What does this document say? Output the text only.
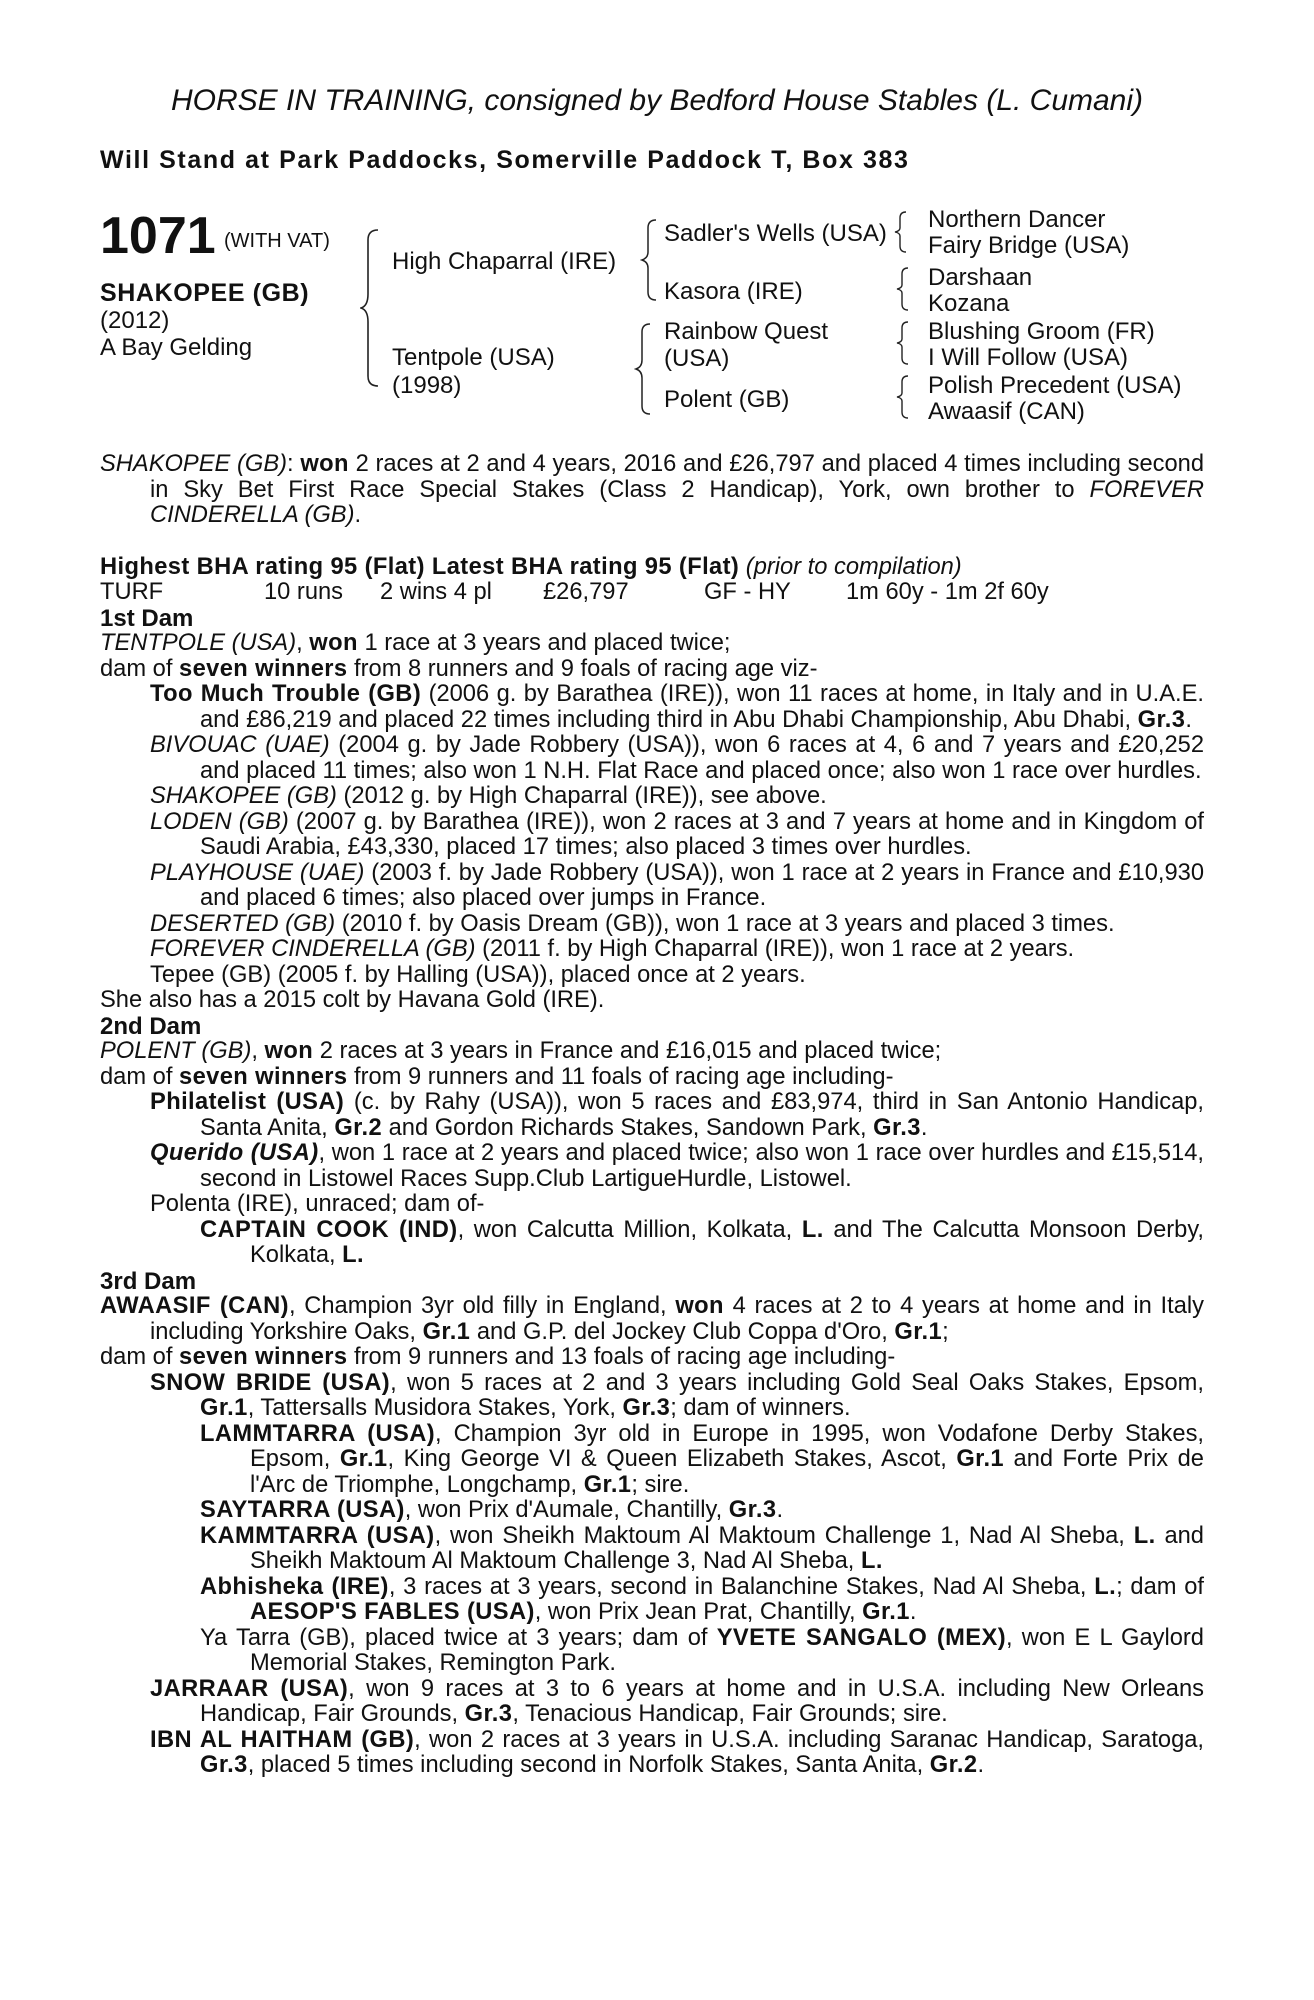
HORSE IN TRAINING, consigned by Bedford House Stables (L. Cumani)
Will Stand at Park Paddocks, Somerville Paddock T, Box 383
1071 (WITH VAT)
SHAKOPEE (GB)
(2012)
A Bay Gelding
High Chaparral (IRE)
Tentpole (USA)
(1998)
Sadler's Wells (USA)
Kasora (IRE)
Rainbow Quest
(USA)
Polent (GB)
Northern Dancer
Fairy Bridge (USA)
Darshaan
Kozana
Blushing Groom (FR)
I Will Follow (USA)
Polish Precedent (USA)
Awaasif (CAN)

SHAKOPEE (GB): won 2 races at 2 and 4 years, 2016 and £26,797 and placed 4 times including second in Sky Bet First Race Special Stakes (Class 2 Handicap), York, own brother to FOREVER CINDERELLA (GB).

Highest BHA rating 95 (Flat) Latest BHA rating 95 (Flat) (prior to compilation)

TURF	10 runs 2 wins 4 pl £26,797	GF - HY 1m 60y - 1m 2f 60y

1st Dam

TENTPOLE (USA), won 1 race at 3 years and placed twice;

dam of seven winners from 8 runners and 9 foals of racing age viz-

Too Much Trouble (GB) (2006 g. by Barathea (IRE)), won 11 races at home, in Italy and in U.A.E. and £86,219 and placed 22 times including third in Abu Dhabi Championship, Abu Dhabi, Gr.3.

BIVOUAC (UAE) (2004 g. by Jade Robbery (USA)), won 6 races at 4, 6 and 7 years and £20,252 and placed 11 times; also won 1 N.H. Flat Race and placed once; also won 1 race over hurdles.

SHAKOPEE (GB) (2012 g. by High Chaparral (IRE)), see above.

LODEN (GB) (2007 g. by Barathea (IRE)), won 2 races at 3 and 7 years at home and in Kingdom of Saudi Arabia, £43,330, placed 17 times; also placed 3 times over hurdles.

PLAYHOUSE (UAE) (2003 f. by Jade Robbery (USA)), won 1 race at 2 years in France and £10,930 and placed 6 times; also placed over jumps in France.

DESERTED (GB) (2010 f. by Oasis Dream (GB)), won 1 race at 3 years and placed 3 times.

FOREVER CINDERELLA (GB) (2011 f. by High Chaparral (IRE)), won 1 race at 2 years.

Tepee (GB) (2005 f. by Halling (USA)), placed once at 2 years.

She also has a 2015 colt by Havana Gold (IRE).

2nd Dam

POLENT (GB), won 2 races at 3 years in France and £16,015 and placed twice;

dam of seven winners from 9 runners and 11 foals of racing age including-

Philatelist (USA) (c. by Rahy (USA)), won 5 races and £83,974, third in San Antonio Handicap, Santa Anita, Gr.2 and Gordon Richards Stakes, Sandown Park, Gr.3.

Querido (USA), won 1 race at 2 years and placed twice; also won 1 race over hurdles and £15,514, second in Listowel Races Supp.Club LartigueHurdle, Listowel.

Polenta (IRE), unraced; dam of-

CAPTAIN COOK (IND), won Calcutta Million, Kolkata, L. and The Calcutta Monsoon Derby, Kolkata, L.

3rd Dam

AWAASIF (CAN), Champion 3yr old filly in England, won 4 races at 2 to 4 years at home and in Italy including Yorkshire Oaks, Gr.1 and G.P. del Jockey Club Coppa d'Oro, Gr.1;

dam of seven winners from 9 runners and 13 foals of racing age including-

SNOW BRIDE (USA), won 5 races at 2 and 3 years including Gold Seal Oaks Stakes, Epsom, Gr.1, Tattersalls Musidora Stakes, York, Gr.3; dam of winners.

LAMMTARRA (USA), Champion 3yr old in Europe in 1995, won Vodafone Derby Stakes, Epsom, Gr.1, King George VI & Queen Elizabeth Stakes, Ascot, Gr.1 and Forte Prix de l'Arc de Triomphe, Longchamp, Gr.1; sire.

SAYTARRA (USA), won Prix d'Aumale, Chantilly, Gr.3.

KAMMTARRA (USA), won Sheikh Maktoum Al Maktoum Challenge 1, Nad Al Sheba, L. and Sheikh Maktoum Al Maktoum Challenge 3, Nad Al Sheba, L.

Abhisheka (IRE), 3 races at 3 years, second in Balanchine Stakes, Nad Al Sheba, L.; dam of AESOP'S FABLES (USA), won Prix Jean Prat, Chantilly, Gr.1.

Ya Tarra (GB), placed twice at 3 years; dam of YVETE SANGALO (MEX), won E L Gaylord Memorial Stakes, Remington Park.

JARRAAR (USA), won 9 races at 3 to 6 years at home and in U.S.A. including New Orleans Handicap, Fair Grounds, Gr.3, Tenacious Handicap, Fair Grounds; sire.

IBN AL HAITHAM (GB), won 2 races at 3 years in U.S.A. including Saranac Handicap, Saratoga, Gr.3, placed 5 times including second in Norfolk Stakes, Santa Anita, Gr.2.
